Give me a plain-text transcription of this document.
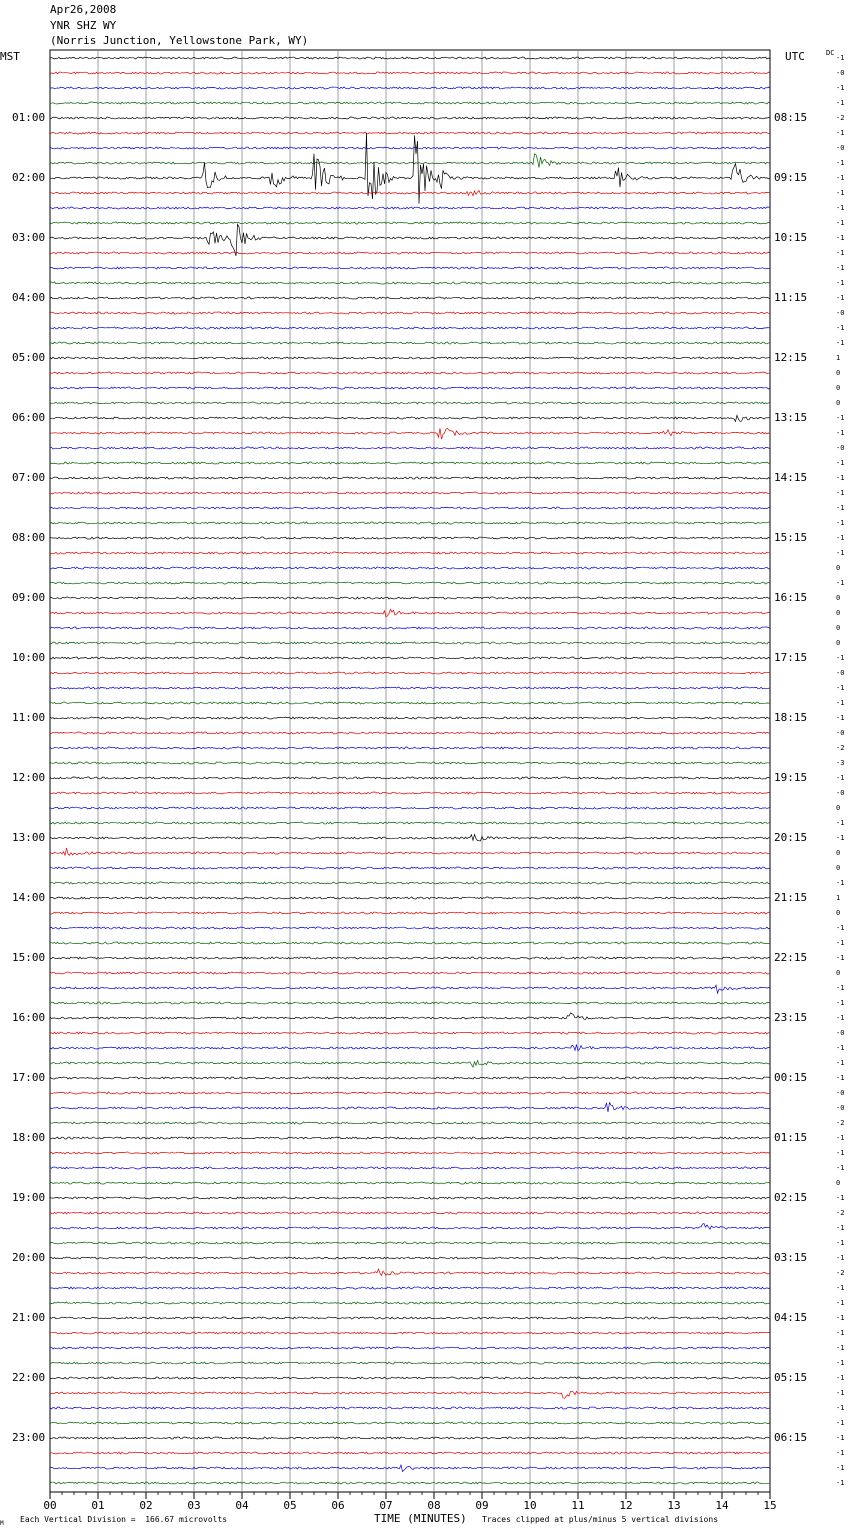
Apr26,2008
YNR SHZ WY
(Norris Junction, Yellowstone Park, WY)
MST	UTC	DC
00	01	02	03	04	05	06	07	08	09	10	11	12	13	14	15
01:00
02:00
03:00
04:00
05:00
06:00
07:00
08:00
09:00
10:00
11:00
12:00
13:00
14:00
15:00
16:00
17:00
18:00
19:00
20:00
21:00
22:00
23:00
08:15
09:15
10:15
11:15
12:15
13:15
14:15
15:15
16:15
17:15
18:15
19:15
20:15
21:15
22:15
23:15
00:15
01:15
02:15
03:15
04:15
05:15
06:15
-1
-0
-1
-1
-2
-1
-0
-1
-1
-1
-1
-1
-1
-1
-1
-1
-1
-0
-1
-1
1
0
0
0
-1
-1
-0
-1
-1
-1
-1
-1
-1
-1
0
-1
0
0
0
0
-1
-0
-1
-1
-1
-0
-2
-3
-1
-0
0
-1
-1
0
0
-1
1
0
-1
-1
-1
0
-1
-1
-1
-0
-1
-1
-1
-0
-0
-2
-1
-1
-1
0
-1
-2
-1
-1
-1
-2
-1
-1
-1
-1
-1
-1
-1
-1
-1
-1
-1
-1
-1
-1
M Each Vertical Division =  166.67 microvolts	TIME (MINUTES) Traces clipped at plus/minus 5 vertical divisions
